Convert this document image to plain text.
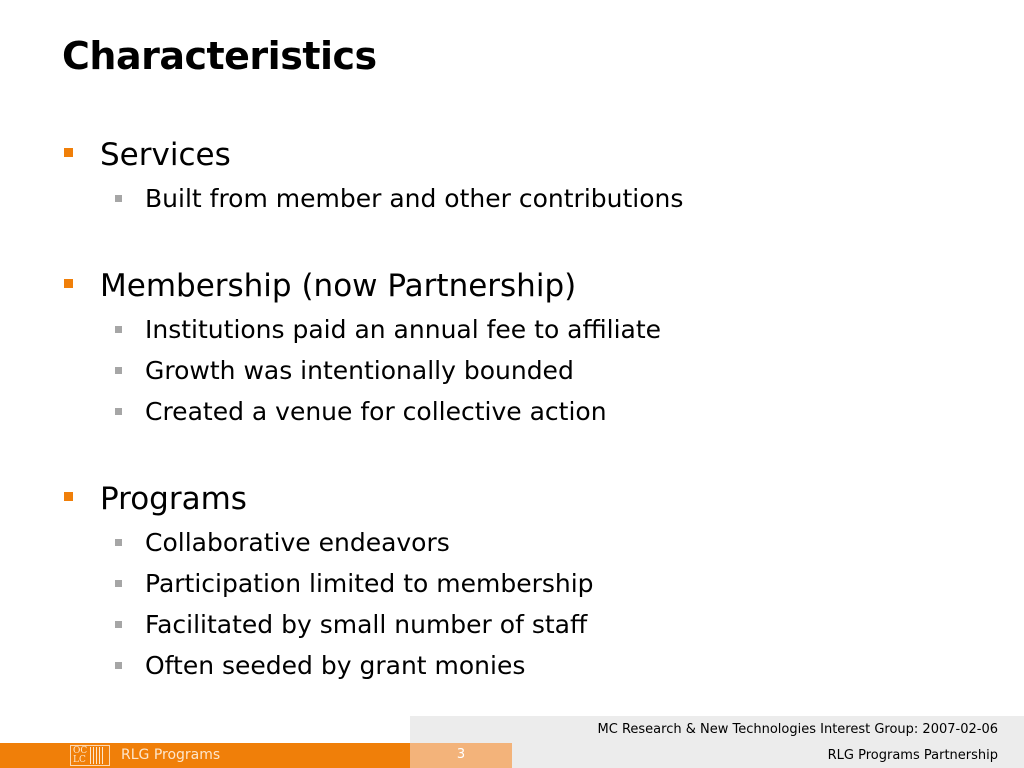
Characteristics
Services
Built from member and other contributions
Membership (now Partnership)
Institutions paid an annual fee to affiliate
Growth was intentionally bounded
Created a venue for collective action
Programs
Collaborative endeavors
Participation limited to membership
Facilitated by small number of staff
Often seeded by grant monies
MC Research & New Technologies Interest Group: 2007-02-06
OC LC	RLG Programs	3	RLG Programs Partnership
